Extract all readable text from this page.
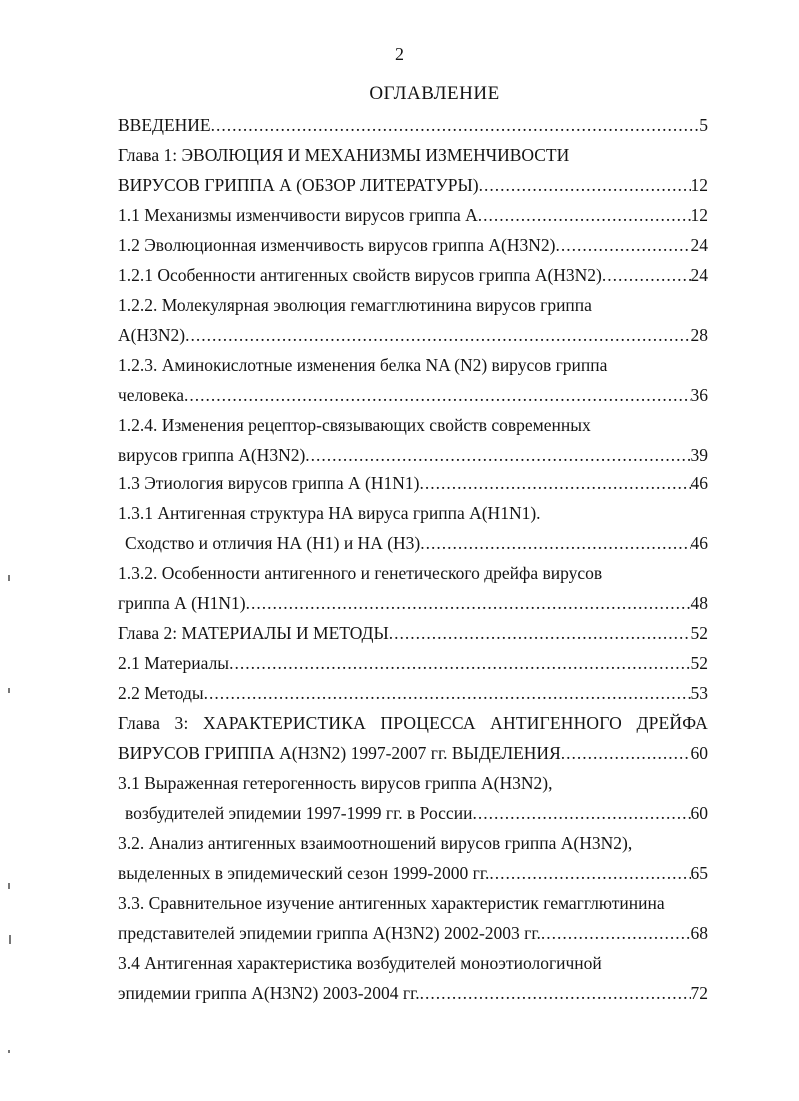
2
ОГЛАВЛЕНИЕ
ВВЕДЕНИЕ .....	5
Глава 1: ЭВОЛЮЦИЯ И МЕХАНИЗМЫ ИЗМЕНЧИВОСТИ
ВИРУСОВ ГРИППА А (ОБЗОР ЛИТЕРАТУРЫ) .....	12
1.1 Механизмы изменчивости вирусов гриппа А .....	12
1.2 Эволюционная изменчивость вирусов гриппа A(H3N2) .....	24
1.2.1 Особенности антигенных свойств вирусов гриппа A(H3N2) .....	24
1.2.2. Молекулярная эволюция гемагглютинина вирусов гриппа
A(H3N2) .....	28
1.2.3. Аминокислотные изменения белка NA (N2) вирусов гриппа
человека .....	36
1.2.4. Изменения рецептор-связывающих свойств современных
вирусов гриппа A(H3N2) .....	39
1.3 Этиология вирусов гриппа А (H1N1) .....	46
1.3.1 Антигенная структура НА вируса гриппа A(H1N1).
Сходство и отличия НА (H1) и НА (Н3) .....	46
1.3.2. Особенности антигенного и генетического дрейфа вирусов
гриппа А (H1N1) .....	48
Глава 2: МАТЕРИАЛЫ И МЕТОДЫ .....	52
2.1 Материалы .....	52
2.2 Методы .....	53
Глава 3: ХАРАКТЕРИСТИКА ПРОЦЕССА АНТИГЕННОГО ДРЕЙФА
ВИРУСОВ ГРИППА A(H3N2) 1997-2007 гг. ВЫДЕЛЕНИЯ .....	60
3.1 Выраженная гетерогенность вирусов гриппа A(H3N2),
возбудителей эпидемии 1997-1999 гг. в России .....	60
3.2. Анализ антигенных взаимоотношений вирусов гриппа A(H3N2),
выделенных в эпидемический сезон 1999-2000 гг. .....	65
3.3. Сравнительное изучение антигенных характеристик гемагглютинина
представителей эпидемии гриппа A(H3N2) 2002-2003 гг. .....	68
3.4 Антигенная характеристика возбудителей моноэтиологичной
эпидемии гриппа A(H3N2) 2003-2004 гг. .....	72
